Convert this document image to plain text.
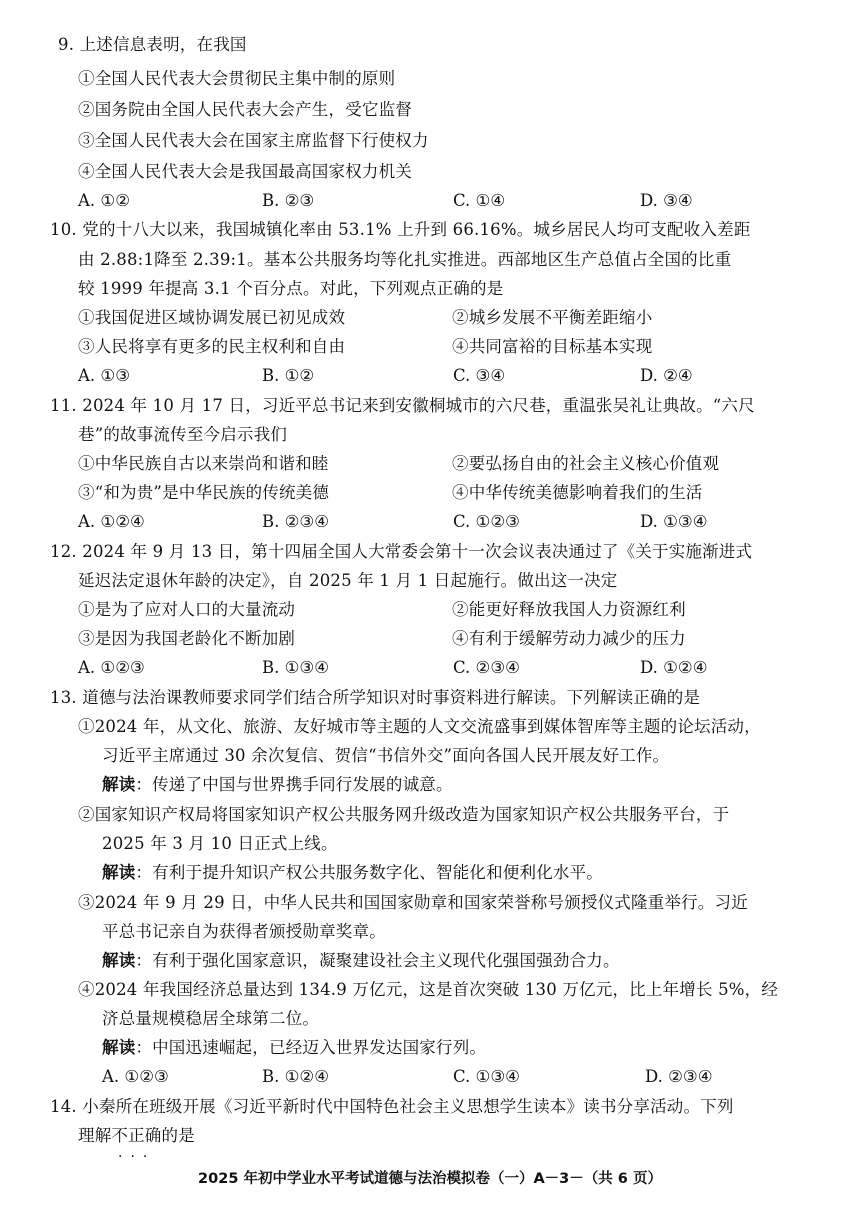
9. 上述信息表明，在我国
①全国人民代表大会贯彻民主集中制的原则
②国务院由全国人民代表大会产生，受它监督
③全国人民代表大会在国家主席监督下行使权力
④全国人民代表大会是我国最高国家权力机关
A. ①②	B. ②③	C. ①④	D. ③④
10. 党的十八大以来，我国城镇化率由 53.1% 上升到 66.16%。城乡居民人均可支配收入差距
由 2.88:1降至 2.39:1。基本公共服务均等化扎实推进。西部地区生产总值占全国的比重
较 1999 年提高 3.1 个百分点。对此，下列观点正确的是
①我国促进区域协调发展已初见成效	②城乡发展不平衡差距缩小
③人民将享有更多的民主权利和自由	④共同富裕的目标基本实现
A. ①③	B. ①②	C. ③④	D. ②④
11. 2024 年 10 月 17 日，习近平总书记来到安徽桐城市的六尺巷，重温张吴礼让典故。“六尺
巷”的故事流传至今启示我们
①中华民族自古以来崇尚和谐和睦	②要弘扬自由的社会主义核心价值观
③“和为贵”是中华民族的传统美德	④中华传统美德影响着我们的生活
A. ①②④	B. ②③④	C. ①②③	D. ①③④
12. 2024 年 9 月 13 日，第十四届全国人大常委会第十一次会议表决通过了《关于实施渐进式
延迟法定退休年龄的决定》，自 2025 年 1 月 1 日起施行。做出这一决定
①是为了应对人口的大量流动	②能更好释放我国人力资源红利
③是因为我国老龄化不断加剧	④有利于缓解劳动力减少的压力
A. ①②③	B. ①③④	C. ②③④	D. ①②④
13. 道德与法治课教师要求同学们结合所学知识对时事资料进行解读。下列解读正确的是
①2024 年，从文化、旅游、友好城市等主题的人文交流盛事到媒体智库等主题的论坛活动，
习近平主席通过 30 余次复信、贺信“书信外交”面向各国人民开展友好工作。
解读：传递了中国与世界携手同行发展的诚意。
②国家知识产权局将国家知识产权公共服务网升级改造为国家知识产权公共服务平台，于
2025 年 3 月 10 日正式上线。
解读：有利于提升知识产权公共服务数字化、智能化和便利化水平。
③2024 年 9 月 29 日，中华人民共和国国家勋章和国家荣誉称号颁授仪式隆重举行。习近
平总书记亲自为获得者颁授勋章奖章。
解读：有利于强化国家意识，凝聚建设社会主义现代化强国强劲合力。
④2024 年我国经济总量达到 134.9 万亿元，这是首次突破 130 万亿元，比上年增长 5%，经
济总量规模稳居全球第二位。
解读：中国迅速崛起，已经迈入世界发达国家行列。
A. ①②③	B. ①②④	C. ①③④	D. ②③④
14. 小秦所在班级开展《习近平新时代中国特色社会主义思想学生读本》读书分享活动。下列
理解不正确的是
···
2025 年初中学业水平考试道德与法治模拟卷（一）A－3－（共 6 页）
